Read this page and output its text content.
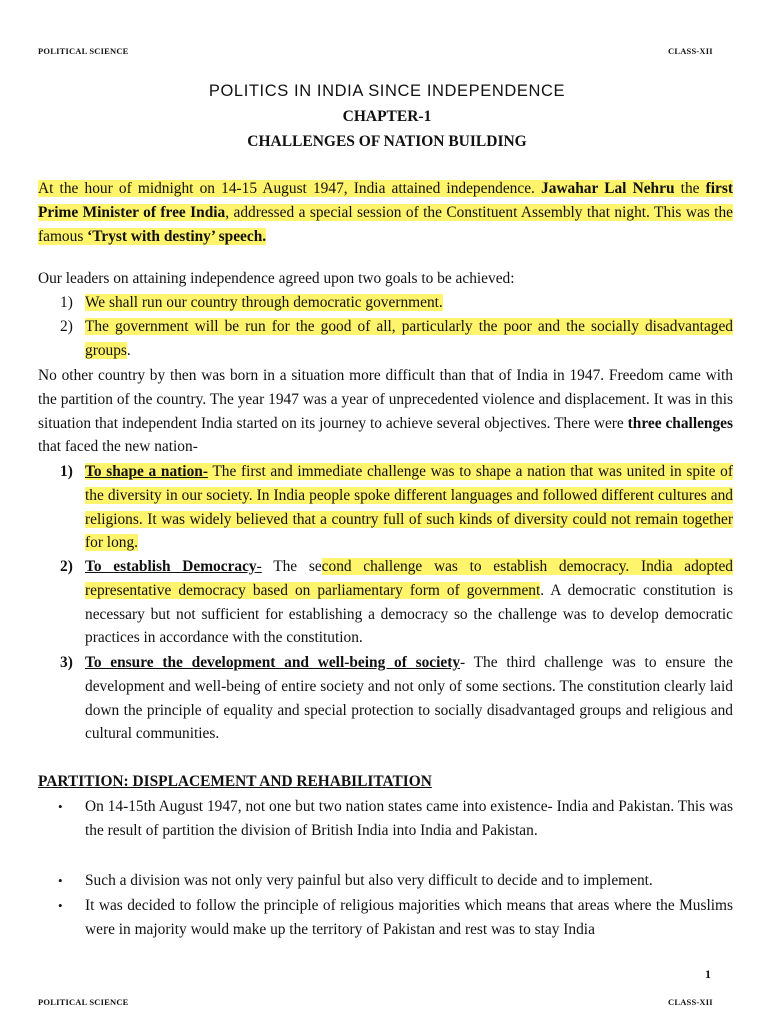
POLITICAL SCIENCE	CLASS-XII
POLITICS IN INDIA SINCE INDEPENDENCE
CHAPTER-1
CHALLENGES OF NATION BUILDING
At the hour of midnight on 14-15 August 1947, India attained independence. Jawahar Lal Nehru the first Prime Minister of free India, addressed a special session of the Constituent Assembly that night. This was the famous ‘Tryst with destiny’ speech.
Our leaders on attaining independence agreed upon two goals to be achieved:
1) We shall run our country through democratic government.
2) The government will be run for the good of all, particularly the poor and the socially disadvantaged groups.
No other country by then was born in a situation more difficult than that of India in 1947. Freedom came with the partition of the country. The year 1947 was a year of unprecedented violence and displacement. It was in this situation that independent India started on its journey to achieve several objectives. There were three challenges that faced the new nation-
1) To shape a nation- The first and immediate challenge was to shape a nation that was united in spite of the diversity in our society. In India people spoke different languages and followed different cultures and religions. It was widely believed that a country full of such kinds of diversity could not remain together for long.
2) To establish Democracy- The second challenge was to establish democracy. India adopted representative democracy based on parliamentary form of government. A democratic constitution is necessary but not sufficient for establishing a democracy so the challenge was to develop democratic practices in accordance with the constitution.
3) To ensure the development and well-being of society- The third challenge was to ensure the development and well-being of entire society and not only of some sections. The constitution clearly laid down the principle of equality and special protection to socially disadvantaged groups and religious and cultural communities.
PARTITION: DISPLACEMENT AND REHABILITATION
• On 14-15th August 1947, not one but two nation states came into existence- India and Pakistan. This was the result of partition the division of British India into India and Pakistan.
• Such a division was not only very painful but also very difficult to decide and to implement.
• It was decided to follow the principle of religious majorities which means that areas where the Muslims were in majority would make up the territory of Pakistan and rest was to stay India
1
POLITICAL SCIENCE	CLASS-XII
